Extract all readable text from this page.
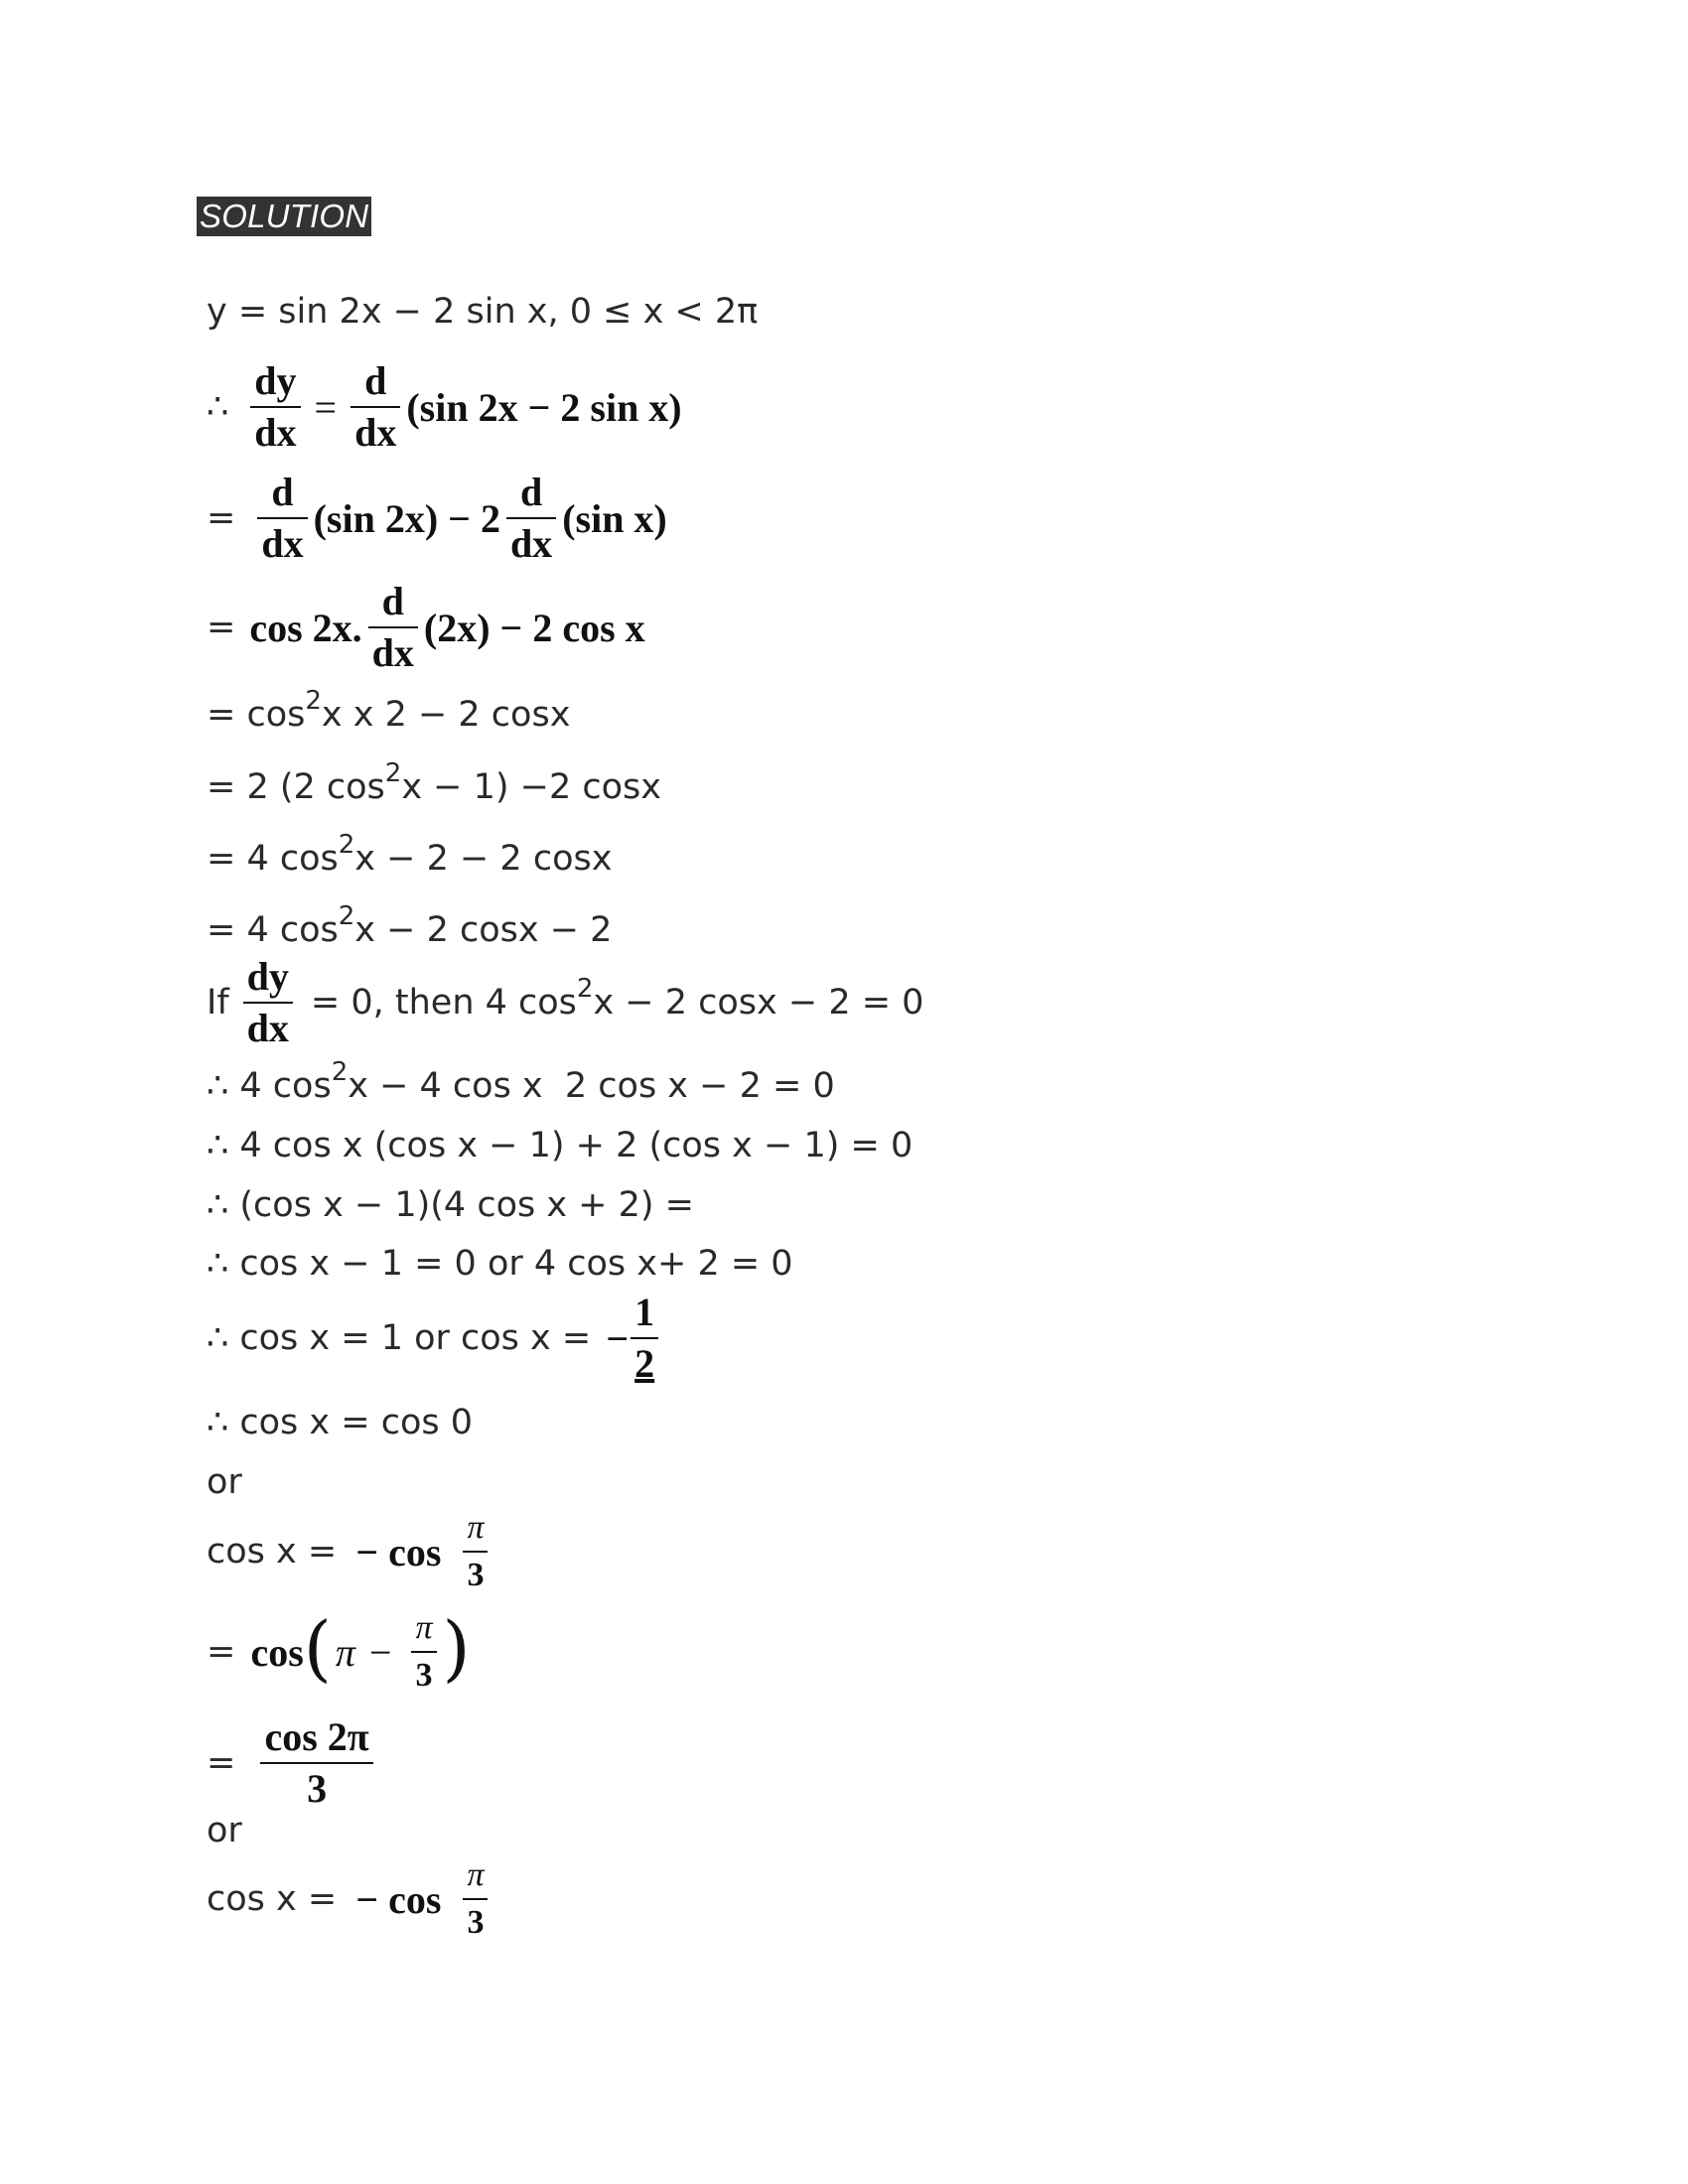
SOLUTION
y = sin 2x − 2 sin x, 0 ≤ x < 2π
∴ $\frac{dy}{dx} = \frac{d}{dx} (\sin$ 2x − 2 sin x)
= $\frac{d}{dx} (\sin$ $2x) - 2 \frac{d}{dx} (\sin$ x)
= cos 2x. $\frac{d}{dx} (2x) - 2$ cos x
= cos 2 x x 2 − 2 cosx
= 2 (2 cos 2 x − 1) −2 cosx
= 4 cos 2 x − 2 − 2 cosx
= 4 cos 2 x − 2 cosx − 2
If $\frac{dy}{dx} = 0$, then 4 cos 2 x − 2 cosx − 2 = 0
∴ 4 cos 2 x − 4 cos x  2 cos x − 2 = 0
∴ 4 cos x (cos x − 1) + 2 (cos x − 1) = 0
∴ (cos x − 1)(4 cos x + 2) =
∴ cos x − 1 = 0 or 4 cos x+ 2 = 0
∴ cos x = 1 or cos x = − $\frac{1}{2}$
∴ cos x = cos 0
or
cos x = − $\cos \frac{\pi}{3}$
= cos ( $\pi - \frac{\pi}{3}$ )
= $\frac{\cos 2\pi}{3}$
or
cos x = − $\cos \frac{\pi}{3}$
